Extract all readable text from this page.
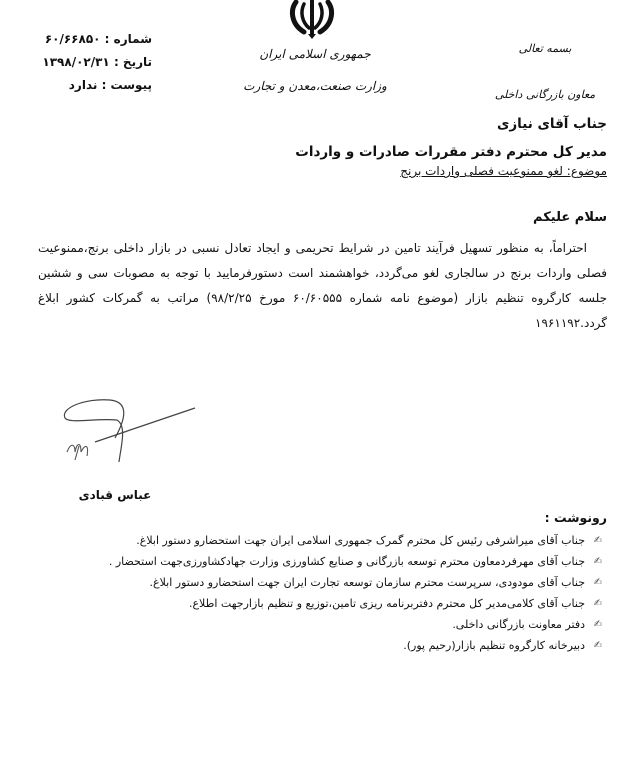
شماره : ۶۰/۶۶۸۵۰
تاریخ : ۱۳۹۸/۰۲/۳۱
پیوست : ندارد
جمهوری اسلامی ایران
وزارت صنعت،معدن و تجارت
بسمه تعالی
معاون بازرگانی داخلی
جناب آقای نیازی
مدیر کل محترم دفتر مقررات صادرات و واردات
موضوع: لغو ممنوعیت فصلی واردات برنج
سلام علیکم

احتراماً، به منظور تسهیل فرآیند تامین در شرایط تحریمی و ایجاد تعادل نسبی در بازار داخلی برنج،ممنوعیت فصلی واردات برنج در سالجاری لغو می‌گردد، خواهشمند است دستورفرمایید با توجه به مصوبات سی و ششین جلسه کارگروه تنظیم بازار (موضوع نامه شماره ۶۰/۶۰۵۵۵ مورخ ۹۸/۲/۲۵) مراتب به گمرکات کشور ابلاغ گردد.۱۹۶۱۱۹۲

عباس قبادی
رونوشت :
✍
جناب آقای میراشرفی رئیس کل محترم گمرک جمهوری اسلامی ایران جهت استحضارو دستور ابلاغ.
✍
جناب آقای مهرفردمعاون محترم توسعه بازرگانی و صنایع کشاورزی وزارت جهادکشاورزی‌جهت استحضار .
✍
جناب آقای مودودی، سرپرست محترم سازمان توسعه تجارت ایران جهت استحضارو دستور ابلاغ.
✍
جناب آقای کلامی‌مدیر کل محترم دفتربرنامه ریزی تامین،توزیع و تنظیم بازارجهت اطلاع.
✍
دفتر معاونت بازرگانی داخلی.
✍
دبیرخانه کارگروه تنظیم بازار(رحیم پور).
